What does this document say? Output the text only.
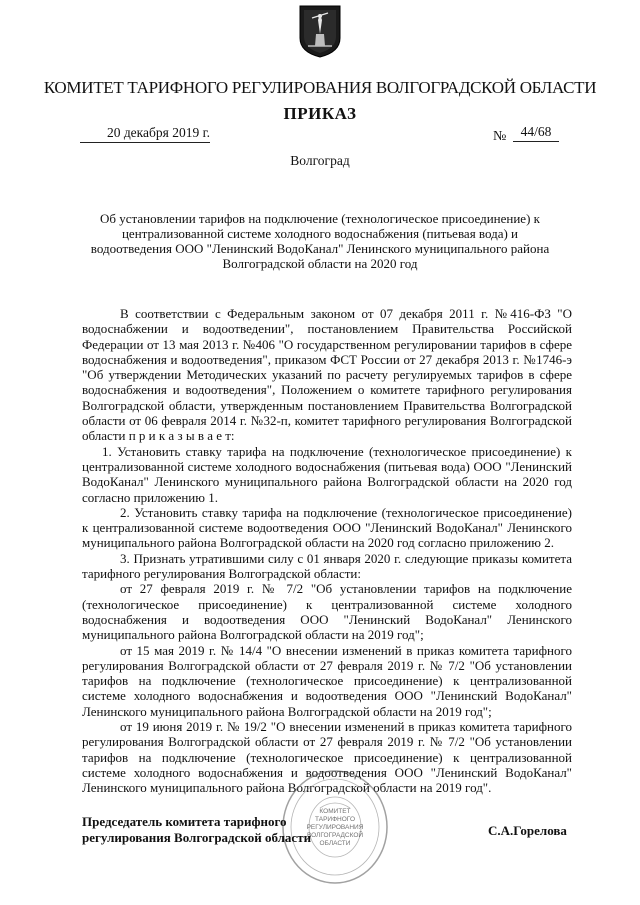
КОМИТЕТ ТАРИФНОГО РЕГУЛИРОВАНИЯ ВОЛГОГРАДСКОЙ ОБЛАСТИ
ПРИКАЗ
20 декабря 2019 г.	№	44/68
Волгоград
Об установлении тарифов на подключение (технологическое присоединение) к централизованной системе холодного водоснабжения (питьевая вода) и водоотведения ООО "Ленинский ВодоКанал" Ленинского муниципального района Волгоградской области на 2020 год

В соответствии с Федеральным законом от 07 декабря 2011 г. №416-ФЗ "О водоснабжении и водоотведении", постановлением Правительства Российской Федерации от 13 мая 2013 г. №406 "О государственном регулировании тарифов в сфере водоснабжения и водоотведения", приказом ФСТ России от 27 декабря 2013 г. №1746-э "Об утверждении Методических указаний по расчету регулируемых тарифов в сфере водоснабжения и водоотведения", Положением о комитете тарифного регулирования Волгоградской области, утвержденным постановлением Правительства Волгоградской области от 06 февраля 2014 г. №32-п, комитет тарифного регулирования Волгоградской области п р и к а з ы в а е т:

1. Установить ставку тарифа на подключение (технологическое присоединение) к централизованной системе холодного водоснабжения (питьевая вода) ООО "Ленинский ВодоКанал" Ленинского муниципального района Волгоградской области на 2020 год согласно приложению 1.

2. Установить ставку тарифа на подключение (технологическое присоединение) к централизованной системе водоотведения ООО "Ленинский ВодоКанал" Ленинского муниципального района Волгоградской области на 2020 год согласно приложению 2.

3. Признать утратившими силу с 01 января 2020 г. следующие приказы комитета тарифного регулирования Волгоградской области:

от 27 февраля 2019 г. № 7/2 "Об установлении тарифов на подключение (технологическое присоединение) к централизованной системе холодного водоснабжения и водоотведения ООО "Ленинский ВодоКанал" Ленинского муниципального района Волгоградской области на 2019 год";

от 15 мая 2019 г. № 14/4 "О внесении изменений в приказ комитета тарифного регулирования Волгоградской области от 27 февраля 2019 г. № 7/2 "Об установлении тарифов на подключение (технологическое присоединение) к централизованной системе холодного водоснабжения и водоотведения ООО "Ленинский ВодоКанал" Ленинского муниципального района Волгоградской области на 2019 год";

от 19 июня 2019 г. № 19/2 "О внесении изменений в приказ комитета тарифного регулирования Волгоградской области от 27 февраля 2019 г. № 7/2 "Об установлении тарифов на подключение (технологическое присоединение) к централизованной системе холодного водоснабжения и водоотведения ООО "Ленинский ВодоКанал" Ленинского муниципального района Волгоградской области на 2019 год".

КОМИТЕТ ТАРИФНОГО РЕГУЛИРОВАНИЯ ВОЛГОГРАДСКОЙ ОБЛАСТИ
Председатель комитета тарифного
регулирования Волгоградской области	С.А.Горелова
